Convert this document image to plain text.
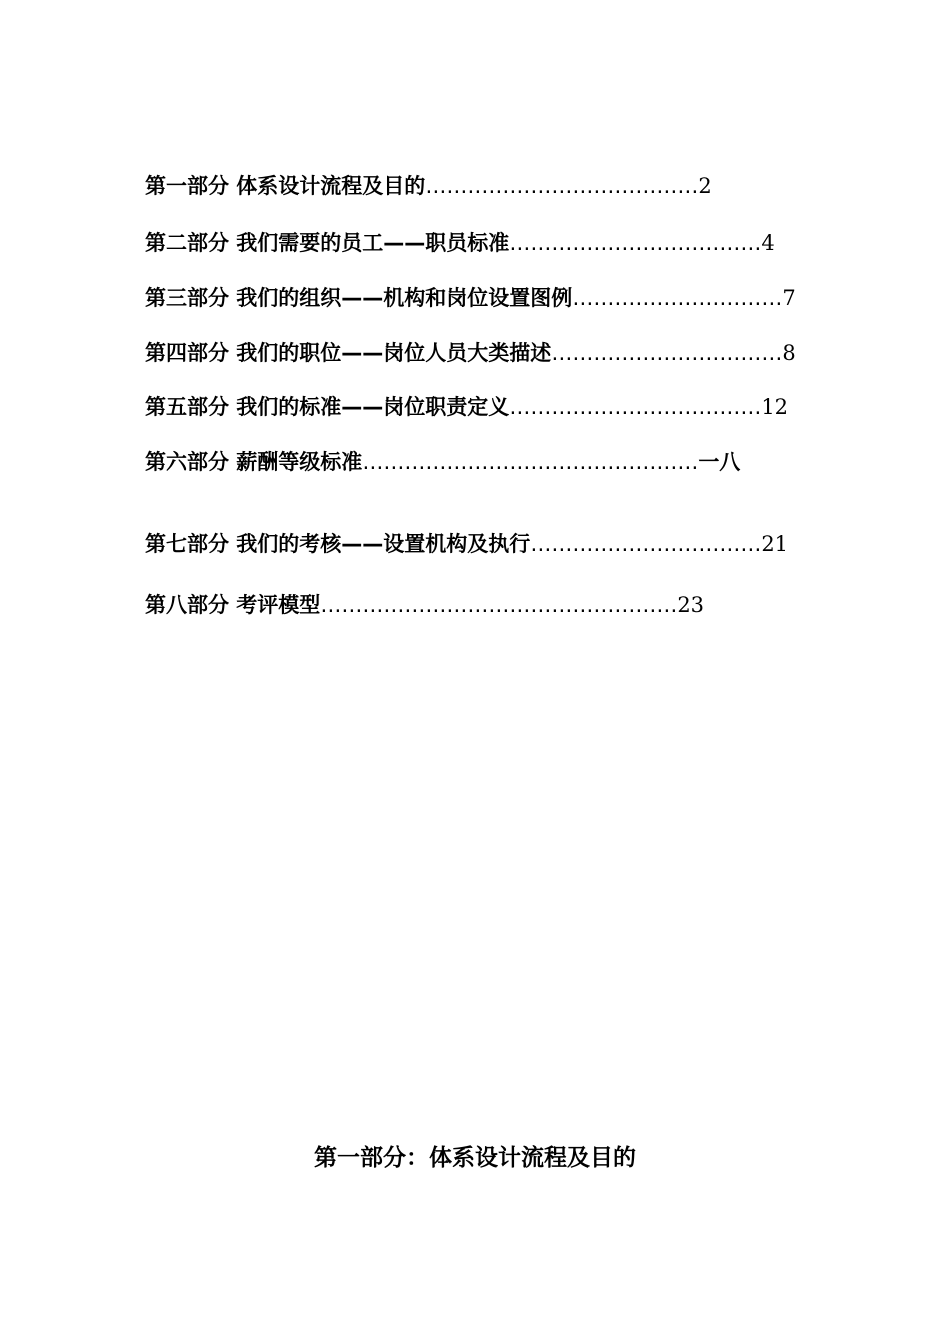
第一部分 体系设计流程及目的…………………………………2
第二部分 我们需要的员工——职员标准………………………………4
第三部分 我们的组织——机构和岗位设置图例…………………………7
第四部分 我们的职位——岗位人员大类描述……………………………8
第五部分 我们的标准——岗位职责定义………………………………12
第六部分 薪酬等级标准…………………………………………一八
第七部分 我们的考核——设置机构及执行……………………………21
第八部分 考评模型……………………………………………23
第一部分：体系设计流程及目的
